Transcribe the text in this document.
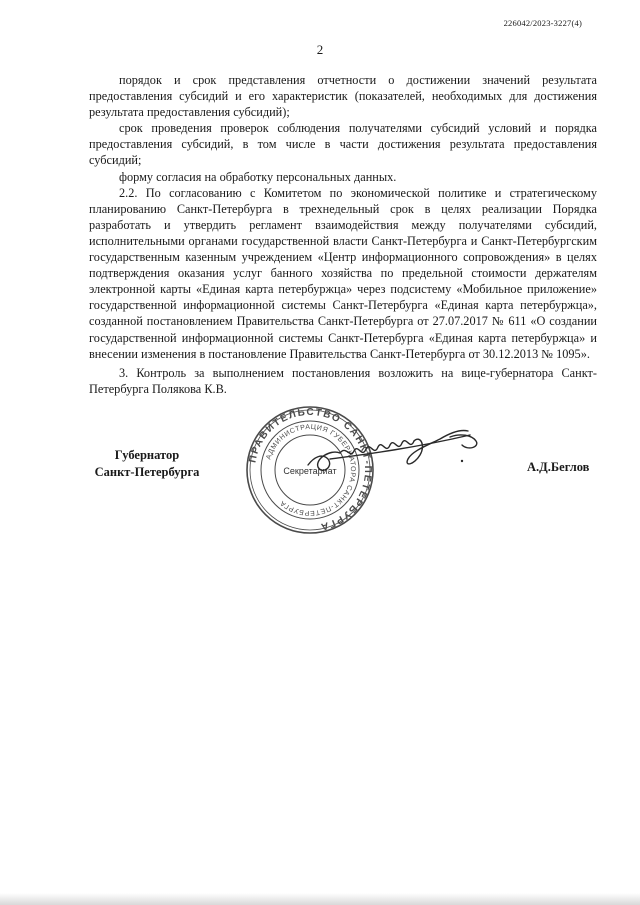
226042/2023-3227(4)
2

порядок и срок представления отчетности о достижении значений результата предоставления субсидий и его характеристик (показателей, необходимых для достижения результата предоставления субсидий);

срок проведения проверок соблюдения получателями субсидий условий и порядка предоставления субсидий, в том числе в части достижения результата предоставления субсидий;

форму согласия на обработку персональных данных.

2.2. По согласованию с Комитетом по экономической политике и стратегическому планированию Санкт-Петербурга в трехнедельный срок в целях реализации Порядка разработать и утвердить регламент взаимодействия между получателями субсидий, исполнительными органами государственной власти Санкт-Петербурга и Санкт-Петербургским государственным казенным учреждением «Центр информационного сопровождения» в целях подтверждения оказания услуг банного хозяйства по предельной стоимости держателям электронной карты «Единая карта петербуржца» через подсистему «Мобильное приложение» государственной информационной системы Санкт-Петербурга «Единая карта петербуржца», созданной постановлением Правительства Санкт-Петербурга от 27.07.2017 № 611 «О создании государственной информационной системы Санкт-Петербурга «Единая карта петербуржца» и внесении изменения в постановление Правительства Санкт-Петербурга от 30.12.2013 № 1095».

3. Контроль за выполнением постановления возложить на вице-губернатора Санкт-Петербурга Полякова К.В.

Губернатор
Санкт-Петербурга
ПРАВИТЕЛЬСТВО САНКТ-ПЕТЕРБУРГА
АДМИНИСТРАЦИЯ ГУБЕРНАТОРА САНКТ-ПЕТЕРБУРГА
Секретариат	А.Д.Беглов
